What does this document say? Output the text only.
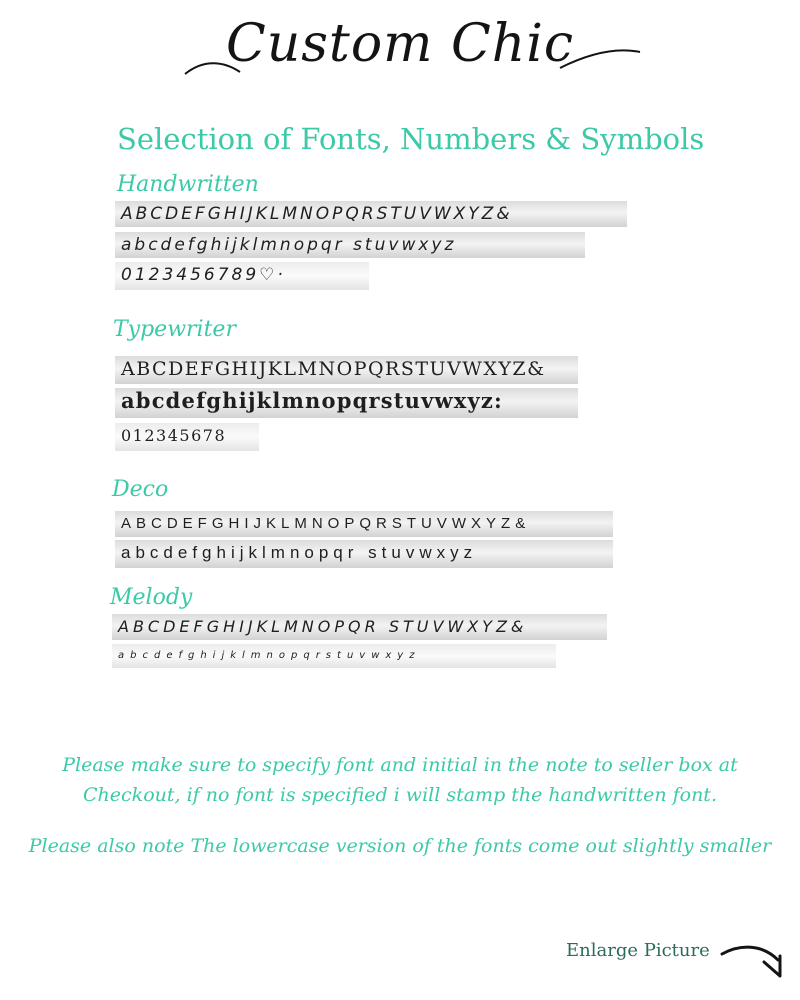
Custom Chic
Selection of Fonts, Numbers & Symbols

Handwritten

ABCDEFGHIJKLMNOPQRSTUVWXYZ&
abcdefghijklmnopqr stuvwxyz
0123456789♡·

Typewriter

ABCDEFGHIJKLMNOPQRSTUVWXYZ&
abcdefghijklmnopqrstuvwxyz:
012345678

Deco

ABCDEFGHIJKLMNOPQRSTUVWXYZ&
abcdefghijklmnopqr stuvwxyz

Melody

ABCDEFGHIJKLMNOPQR STUVWXYZ&
abcdefghijklmnopqrstuvwxyz

Please make sure to specify font and initial in the note to seller box at

Checkout, if no font is specified i will stamp the handwritten font.

Please also note The lowercase version of the fonts come out slightly smaller

Enlarge Picture
